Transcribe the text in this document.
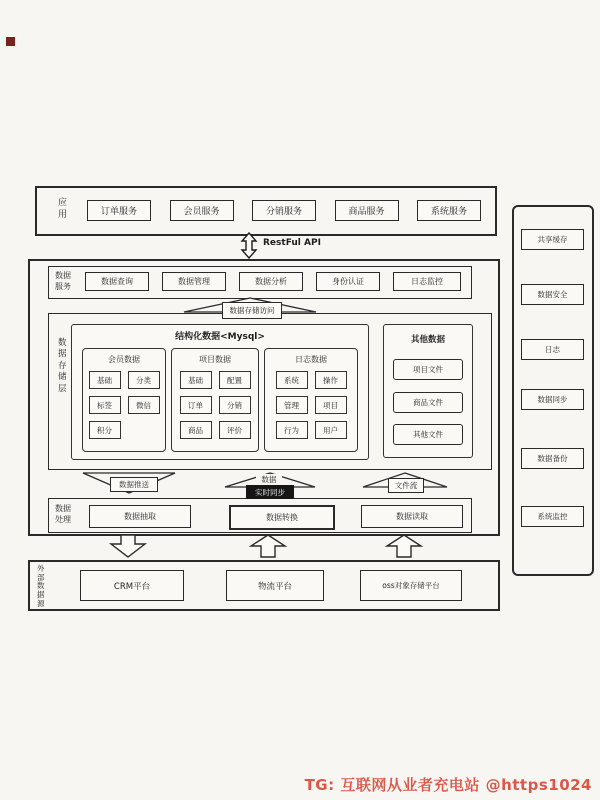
应用	订单服务	会员服务	分销服务	商品服务	系统服务
RestFul API
数据服务
数据查询	数据管理	数据分析	身份认证	日志监控
数据存储访问
数据存储层
结构化数据<Mysql>
会员数据
基础	分类
标签	微信
积分
项目数据
基础	配置
订单	分销
商品	评价
日志数据
系统	操作
管理	项目
行为	用户
其他数据
项目文件
商品文件
其他文件
数据推送
数据
实时同步
文件流
数据处理	数据抽取	数据转换	数据读取
外部数据源
CRM平台	物流平台	oss对象存储平台
共享缓存
数据安全
日志
数据同步
数据备份
系统监控
TG: 互联网从业者充电站 @https1024
